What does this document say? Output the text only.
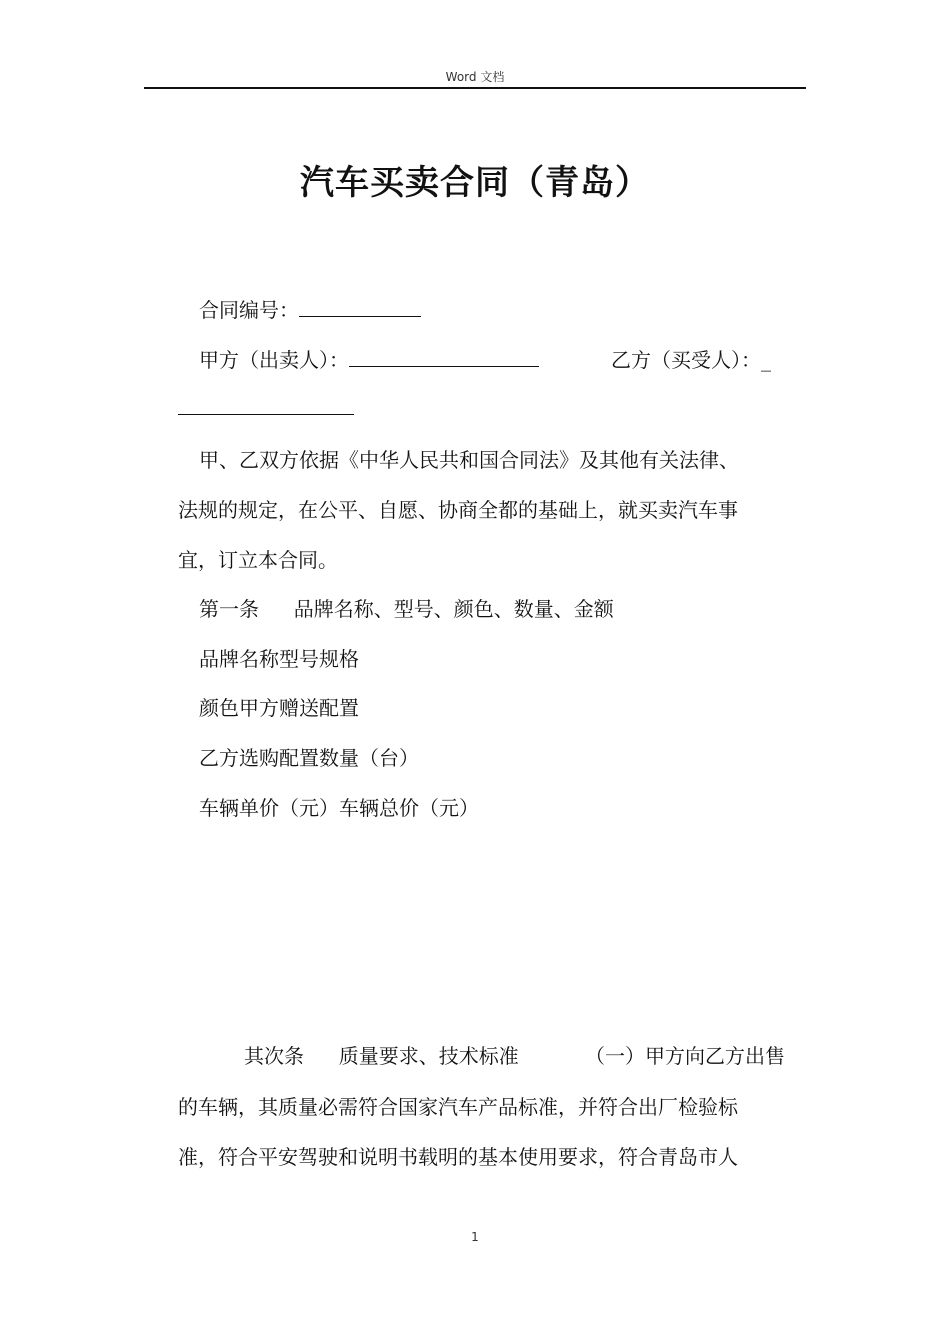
Word 文档
汽车买卖合同（青岛）
合同编号：
甲方（出卖人）：	乙方（买受人）：_
甲、乙双方依据《中华人民共和国合同法》及其他有关法律、
法规的规定，在公平、自愿、协商全都的基础上，就买卖汽车事
宜，订立本合同。
第一条 品牌名称、型号、颜色、数量、金额
品牌名称型号规格
颜色甲方赠送配置
乙方选购配置数量（台）
车辆单价（元）车辆总价（元）
其次条 质量要求、技术标准	（一）甲方向乙方出售
的车辆，其质量必需符合国家汽车产品标准，并符合出厂检验标
准，符合平安驾驶和说明书载明的基本使用要求，符合青岛市人
1
